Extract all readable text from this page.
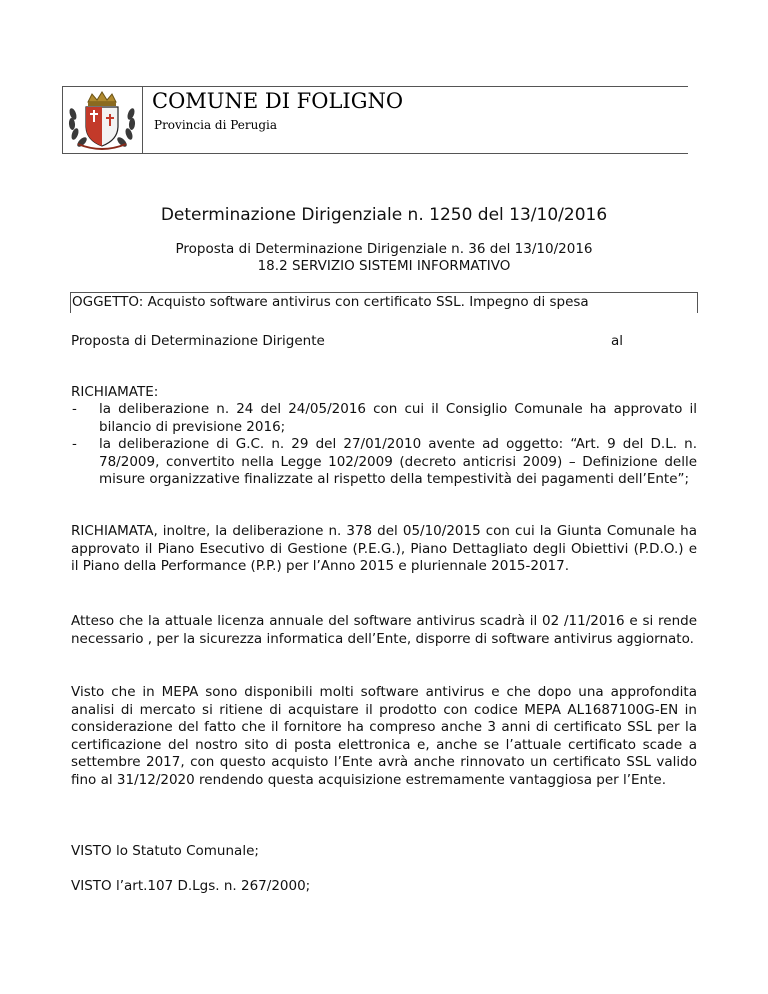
COMUNE DI FOLIGNO
Provincia di Perugia
Determinazione Dirigenziale n. 1250 del 13/10/2016
Proposta di Determinazione Dirigenziale n. 36 del 13/10/2016
18.2 SERVIZIO SISTEMI INFORMATIVO
OGGETTO: Acquisto software antivirus con certificato SSL. Impegno di spesa
Proposta di Determinazione Dirigente	al
RICHIAMATE:
- la deliberazione n. 24 del 24/05/2016 con cui il Consiglio Comunale ha approvato il bilancio di previsione 2016;
- la deliberazione di G.C. n. 29 del 27/01/2010 avente ad oggetto: “Art. 9 del D.L. n. 78/2009, convertito nella Legge 102/2009 (decreto anticrisi 2009) – Definizione delle misure organizzative finalizzate al rispetto della tempestività dei pagamenti dell’Ente”;
RICHIAMATA, inoltre, la deliberazione n. 378 del 05/10/2015 con cui la Giunta Comunale ha approvato il Piano Esecutivo di Gestione (P.E.G.), Piano Dettagliato degli Obiettivi (P.D.O.) e il Piano della Performance (P.P.) per l’Anno 2015 e pluriennale 2015-2017.
Atteso che la attuale licenza annuale del software antivirus scadrà il 02 /11/2016 e si rende necessario , per la sicurezza informatica dell’Ente, disporre di software antivirus aggiornato.
Visto che in MEPA sono disponibili molti software antivirus e che dopo una approfondita analisi di mercato si ritiene di acquistare il prodotto con codice MEPA AL1687100G-EN in considerazione del fatto che il fornitore ha compreso anche 3 anni di certificato SSL per la certificazione del nostro sito di posta elettronica e, anche se l’attuale certificato scade a settembre 2017, con questo acquisto l’Ente avrà anche rinnovato un certificato SSL valido fino al 31/12/2020 rendendo questa acquisizione estremamente vantaggiosa per l’Ente.
VISTO lo Statuto Comunale;
VISTO l’art.107 D.Lgs. n. 267/2000;
